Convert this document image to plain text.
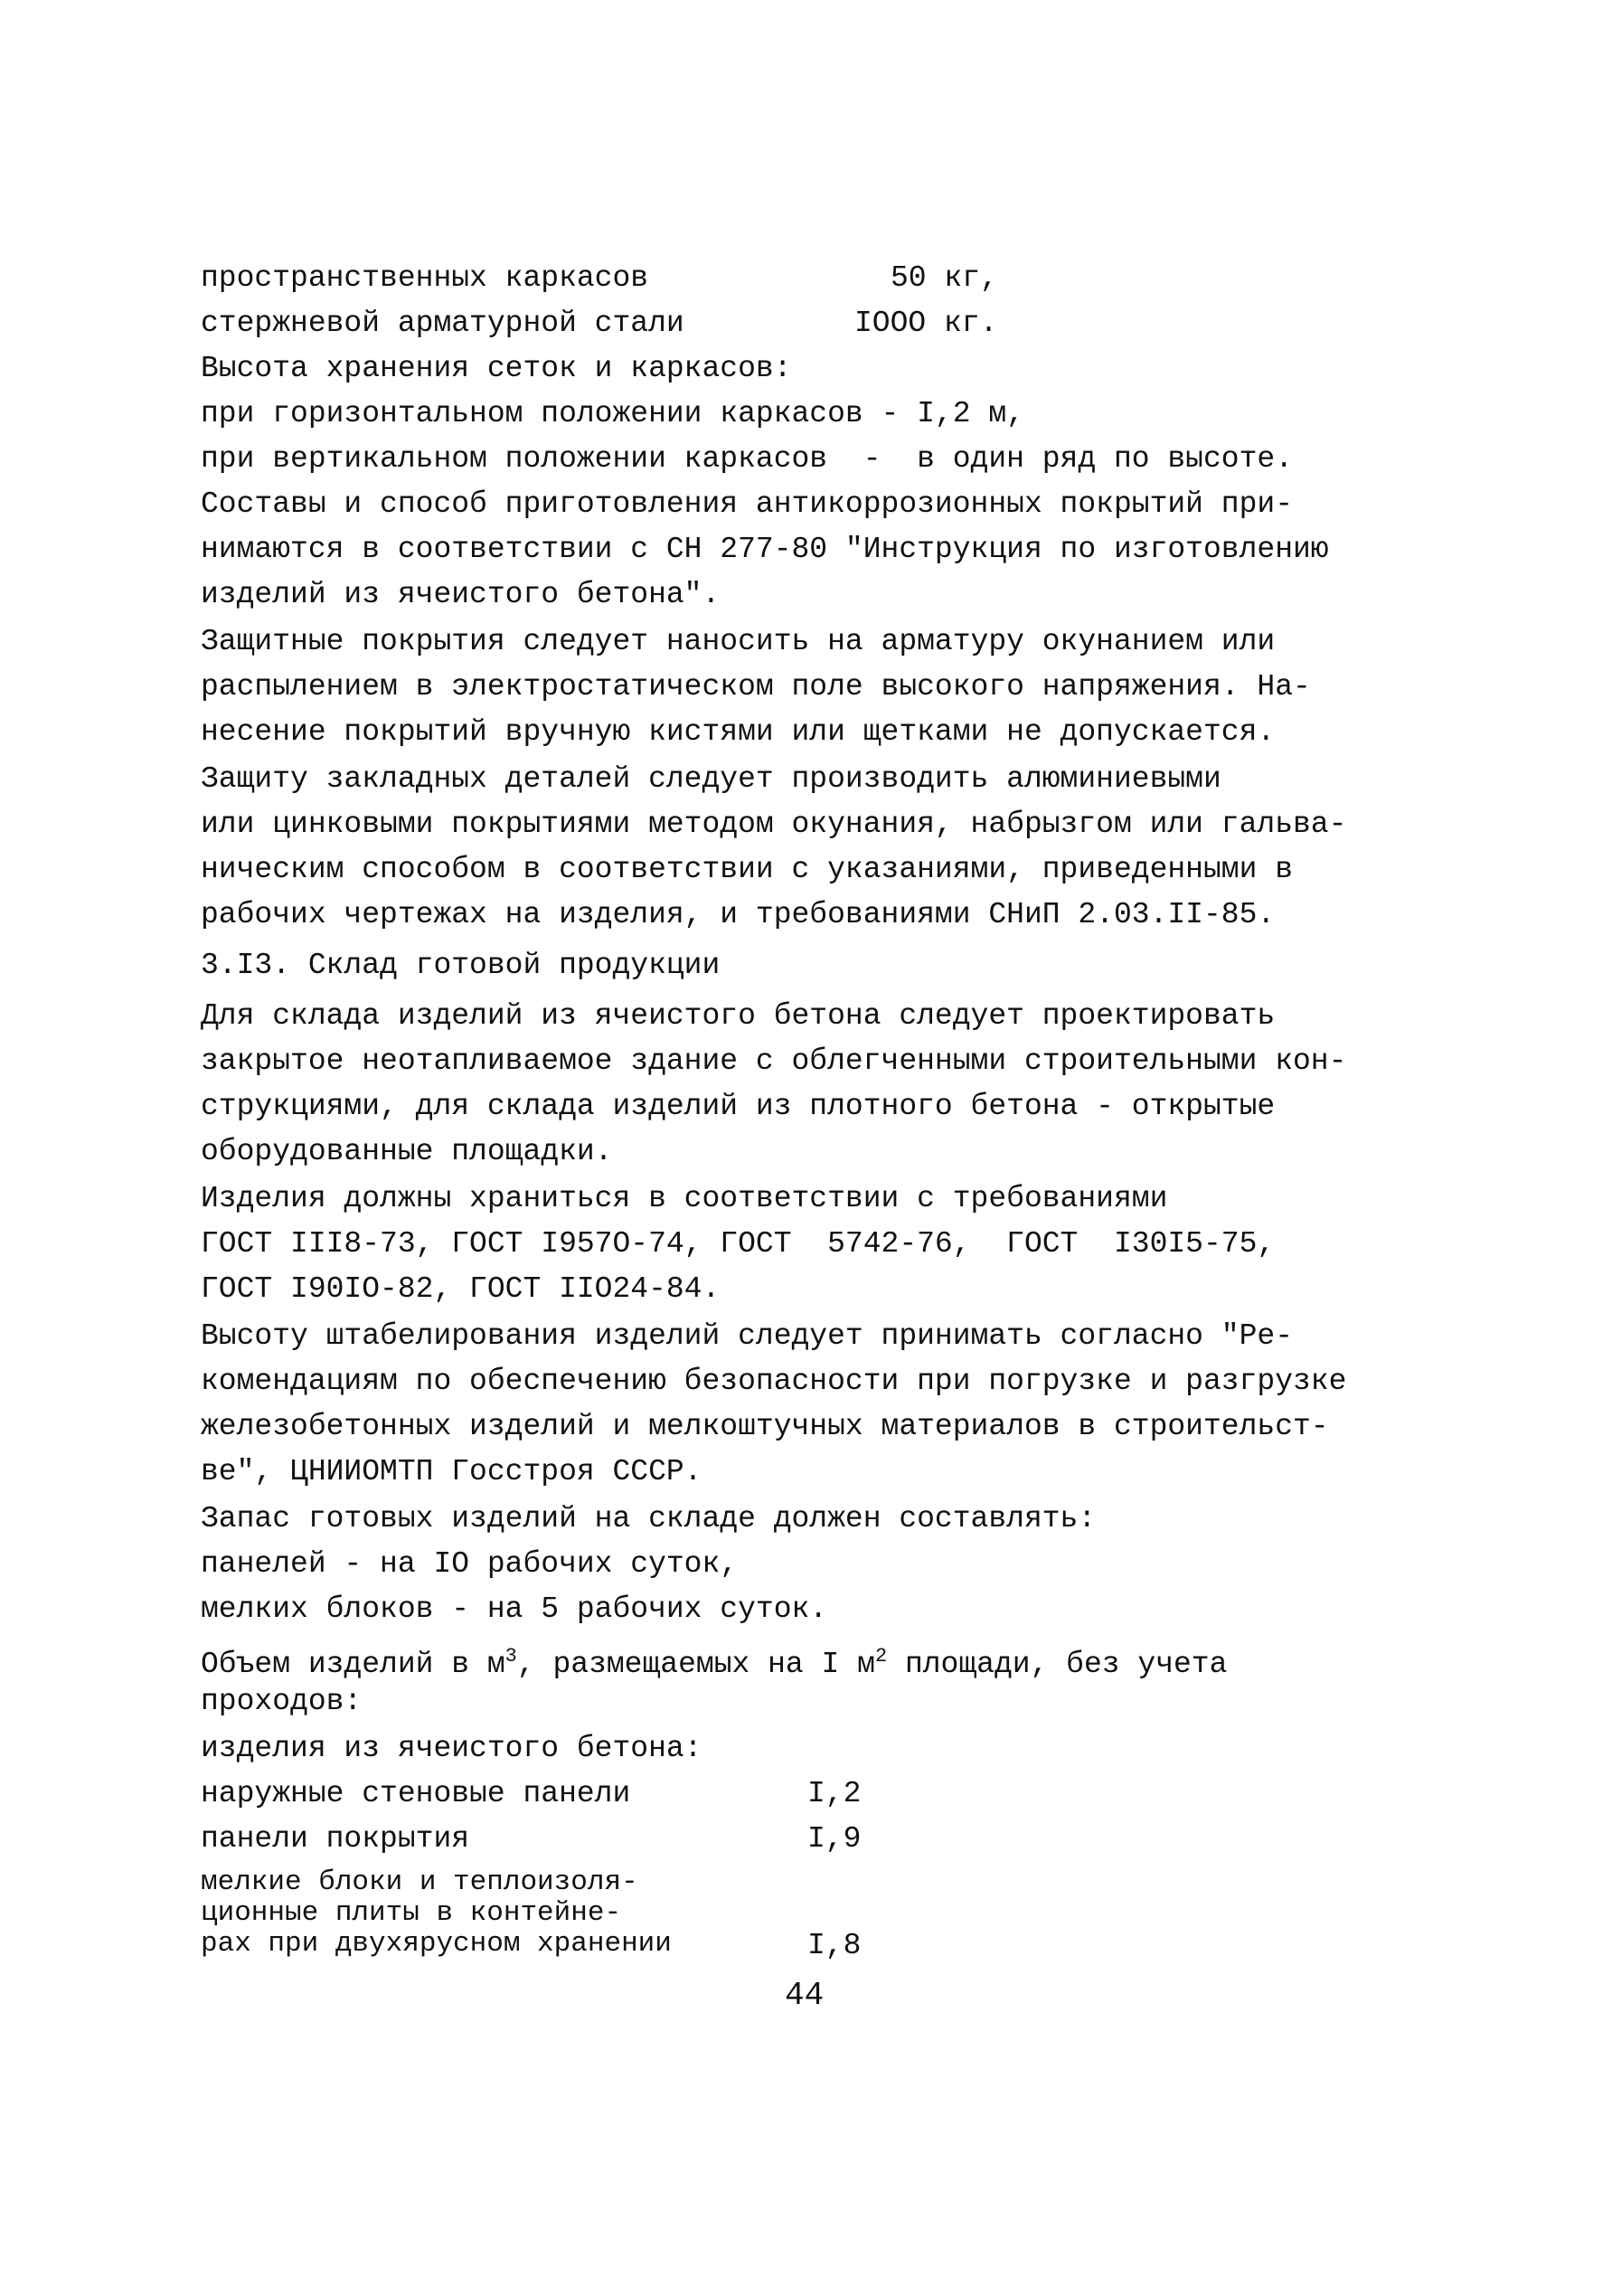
пространственных каркасов	50 кг,
стержневой арматурной стали	IOOO кг.
Высота хранения сеток и каркасов:
при горизонтальном положении каркасов - I,2 м,
при вертикальном положении каркасов  -  в один ряд по высоте.
Составы и способ приготовления антикоррозионных покрытий при-
нимаются в соответствии с СН 277-80 "Инструкция по изготовлению
изделий из ячеистого бетона".
Защитные покрытия следует наносить на арматуру окунанием или
распылением в электростатическом поле высокого напряжения. На-
несение покрытий вручную кистями или щетками не допускается.
Защиту закладных деталей следует производить алюминиевыми
или цинковыми покрытиями методом окунания, набрызгом или гальва-
ническим способом в соответствии с указаниями, приведенными в
рабочих чертежах на изделия, и требованиями СНиП 2.03.II-85.
3.I3. Склад готовой продукции
Для склада изделий из ячеистого бетона следует проектировать
закрытое неотапливаемое здание с облегченными строительными кон-
струкциями, для склада изделий из плотного бетона - открытые
оборудованные площадки.
Изделия должны храниться в соответствии с требованиями
ГОСТ III8-73, ГОСТ I957O-74, ГОСТ  5742-76,  ГОСТ  I30I5-75,
ГОСТ I90IO-82, ГОСТ IIO24-84.
Высоту штабелирования изделий следует принимать согласно "Ре-
комендациям по обеспечению безопасности при погрузке и разгрузке
железобетонных изделий и мелкоштучных материалов в строительст-
ве", ЦНИИОМТП Госстроя СССР.
Запас готовых изделий на складе должен составлять:
панелей - на IO рабочих суток,
мелких блоков - на 5 рабочих суток.
Объем изделий в $м^3$, размещаемых на I $м^2$ площади, без учета
проходов:
изделия из ячеистого бетона:
наружные стеновые панели	I,2
панели покрытия	I,9
мелкие блоки и теплоизоля-
ционные плиты в контейне-
рах при двухярусном хранении	I,8
44
